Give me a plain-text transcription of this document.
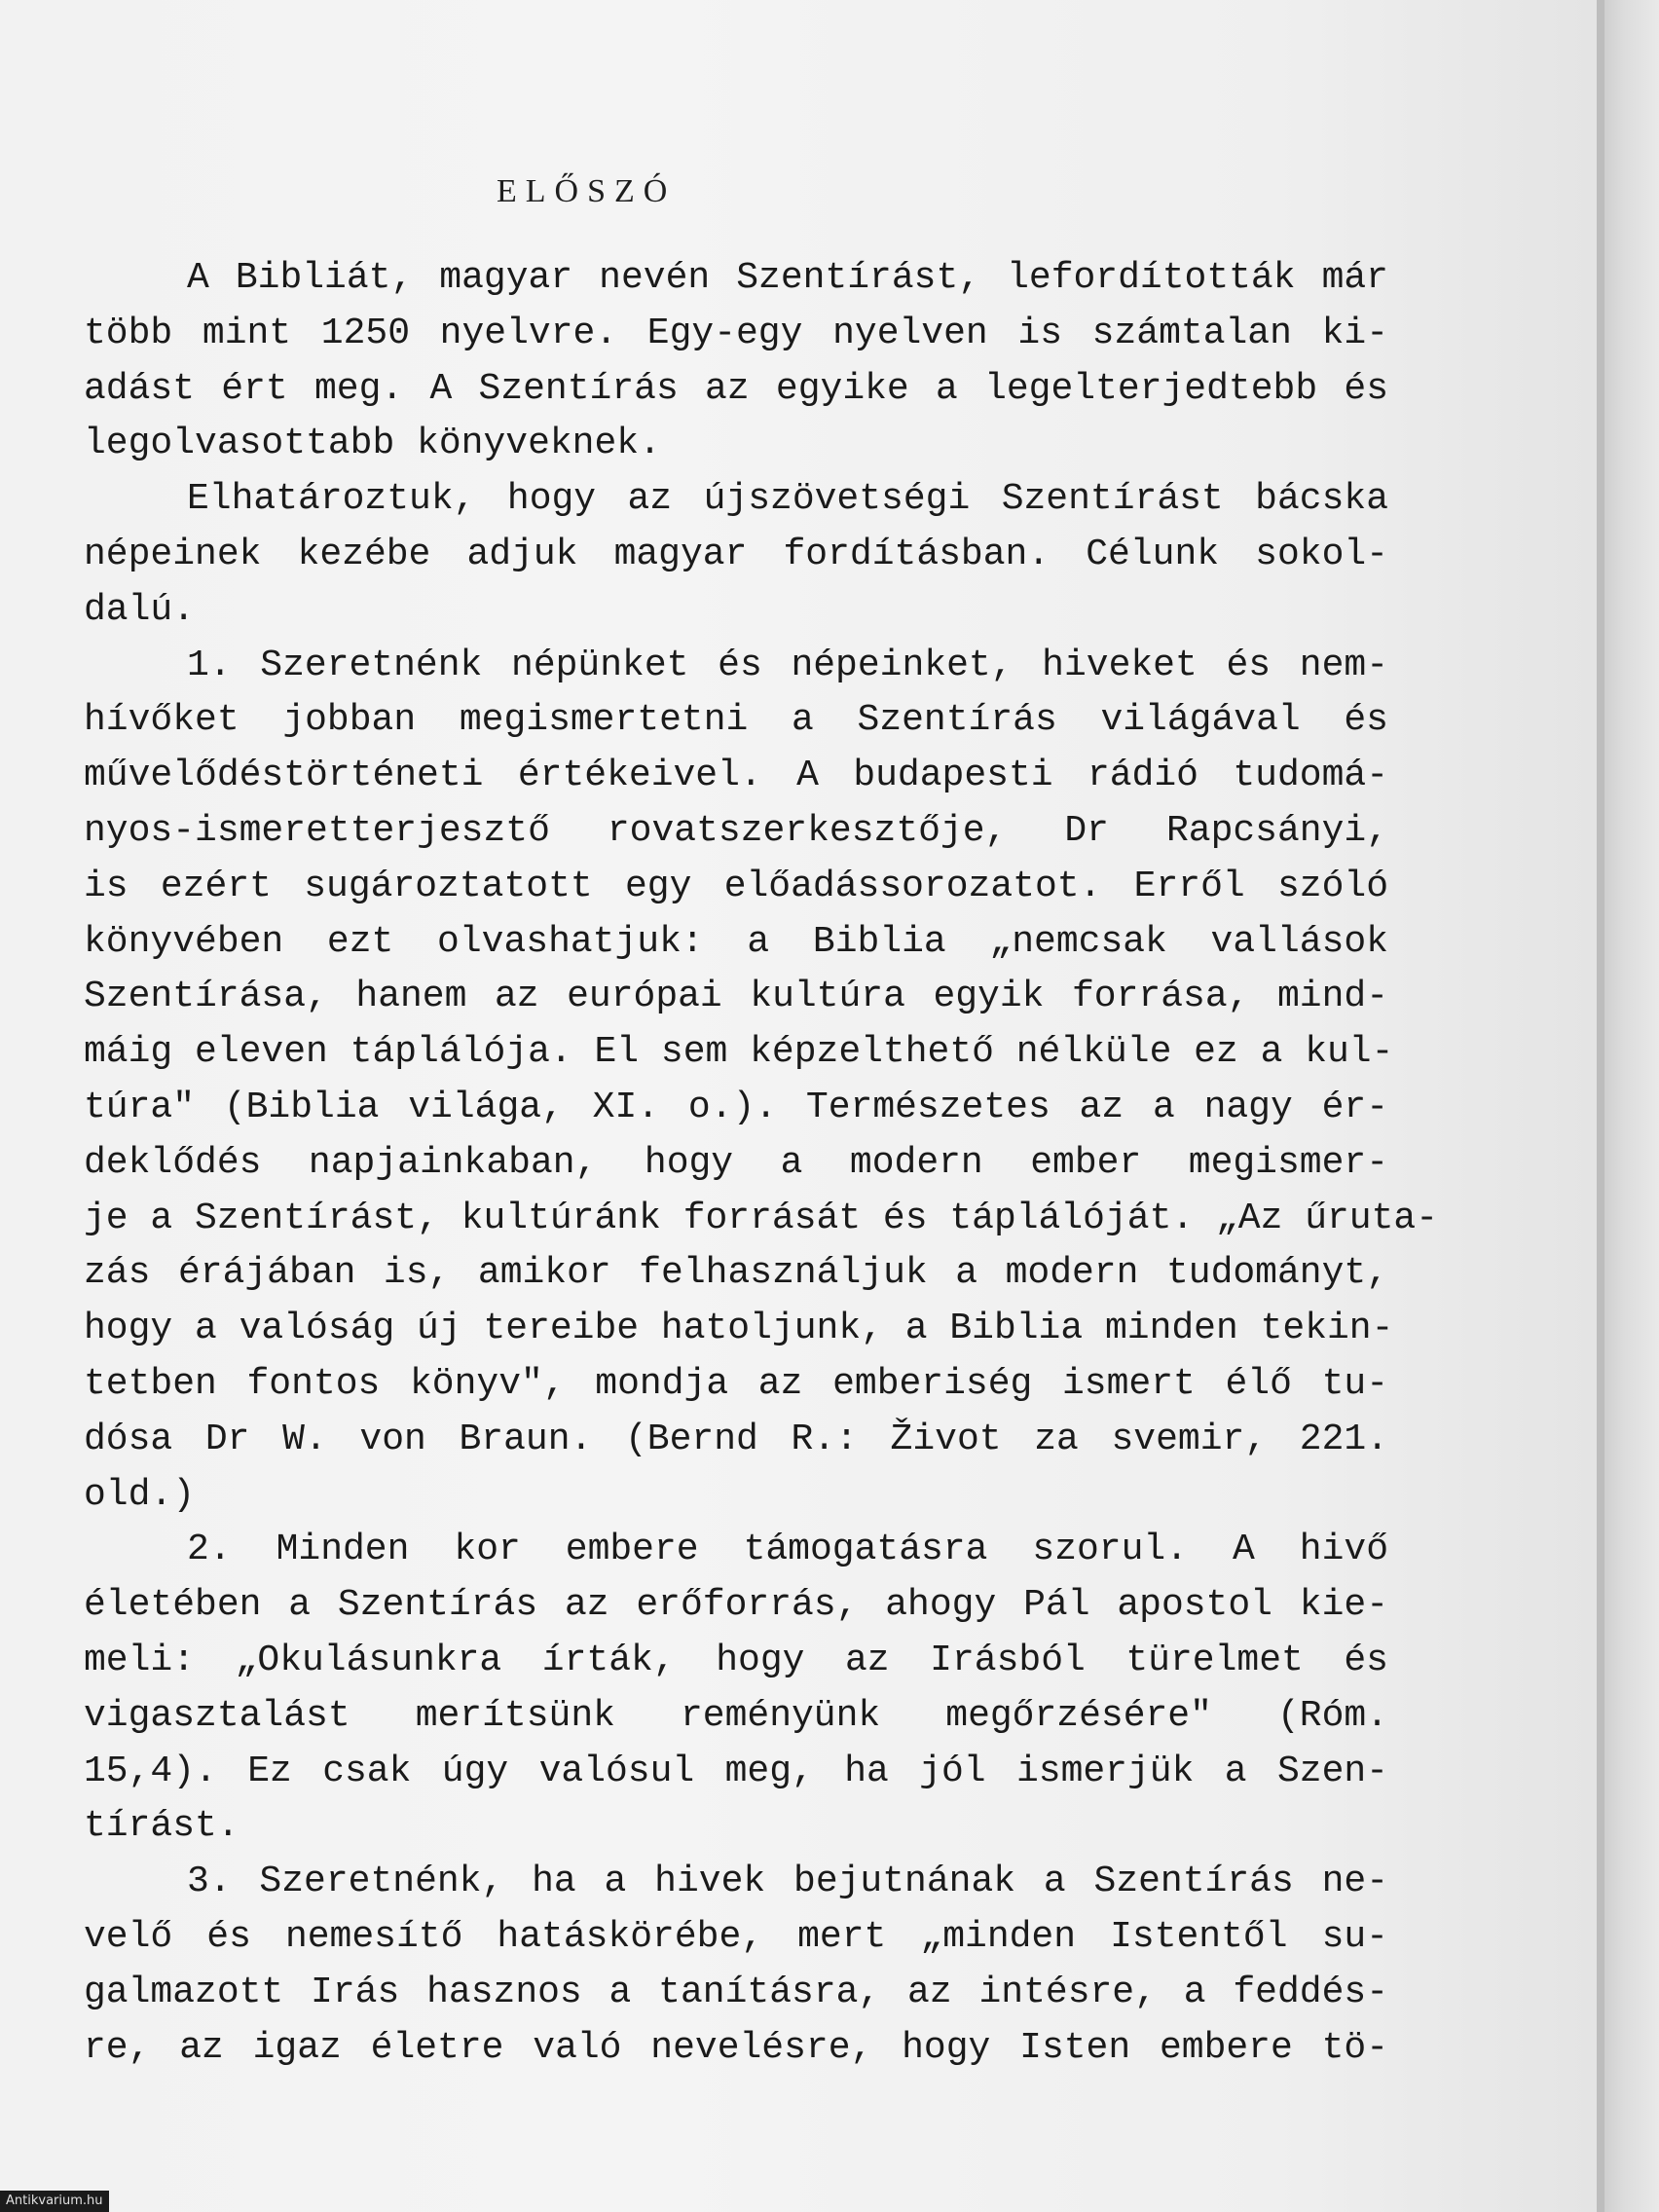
ELŐSZÓ
A Bibliát, magyar nevén Szentírást, lefordították már
több mint 1250 nyelvre. Egy-egy nyelven is számtalan ki-
adást ért meg. A Szentírás az egyike a legelterjedtebb és
legolvasottabb könyveknek.
Elhatároztuk, hogy az újszövetségi Szentírást bácska
népeinek kezébe adjuk magyar fordításban. Célunk sokol-
dalú.
1. Szeretnénk népünket és népeinket, hiveket és nem-
hívőket jobban megismertetni a Szentírás világával és
művelődéstörténeti értékeivel. A budapesti rádió tudomá-
nyos-ismeretterjesztő rovatszerkesztője, Dr Rapcsányi,
is ezért sugároztatott egy előadássorozatot. Erről szóló
könyvében ezt olvashatjuk: a Biblia „nemcsak vallások
Szentírása, hanem az európai kultúra egyik forrása, mind-
máig eleven táplálója. El sem képzelthető nélküle ez a kul-
túra" (Biblia világa, XI. o.). Természetes az a nagy ér-
deklődés napjainkaban, hogy a modern ember megismer-
je a Szentírást, kultúránk forrását és táplálóját. „Az űruta-
zás érájában is, amikor felhasználjuk a modern tudományt,
hogy a valóság új tereibe hatoljunk, a Biblia minden tekin-
tetben fontos könyv", mondja az emberiség ismert élő tu-
dósa Dr W. von Braun. (Bernd R.: Život za svemir, 221.
old.)
2. Minden kor embere támogatásra szorul. A hivő
életében a Szentírás az erőforrás, ahogy Pál apostol kie-
meli: „Okulásunkra írták, hogy az Irásból türelmet és
vigasztalást merítsünk reményünk megőrzésére" (Róm.
15,4). Ez csak úgy valósul meg, ha jól ismerjük a Szen-
tírást.
3. Szeretnénk, ha a hivek bejutnának a Szentírás ne-
velő és nemesítő hatáskörébe, mert „minden Istentől su-
galmazott Irás hasznos a tanításra, az intésre, a feddés-
re, az igaz életre való nevelésre, hogy Isten embere tö-
Antikvarium.hu
